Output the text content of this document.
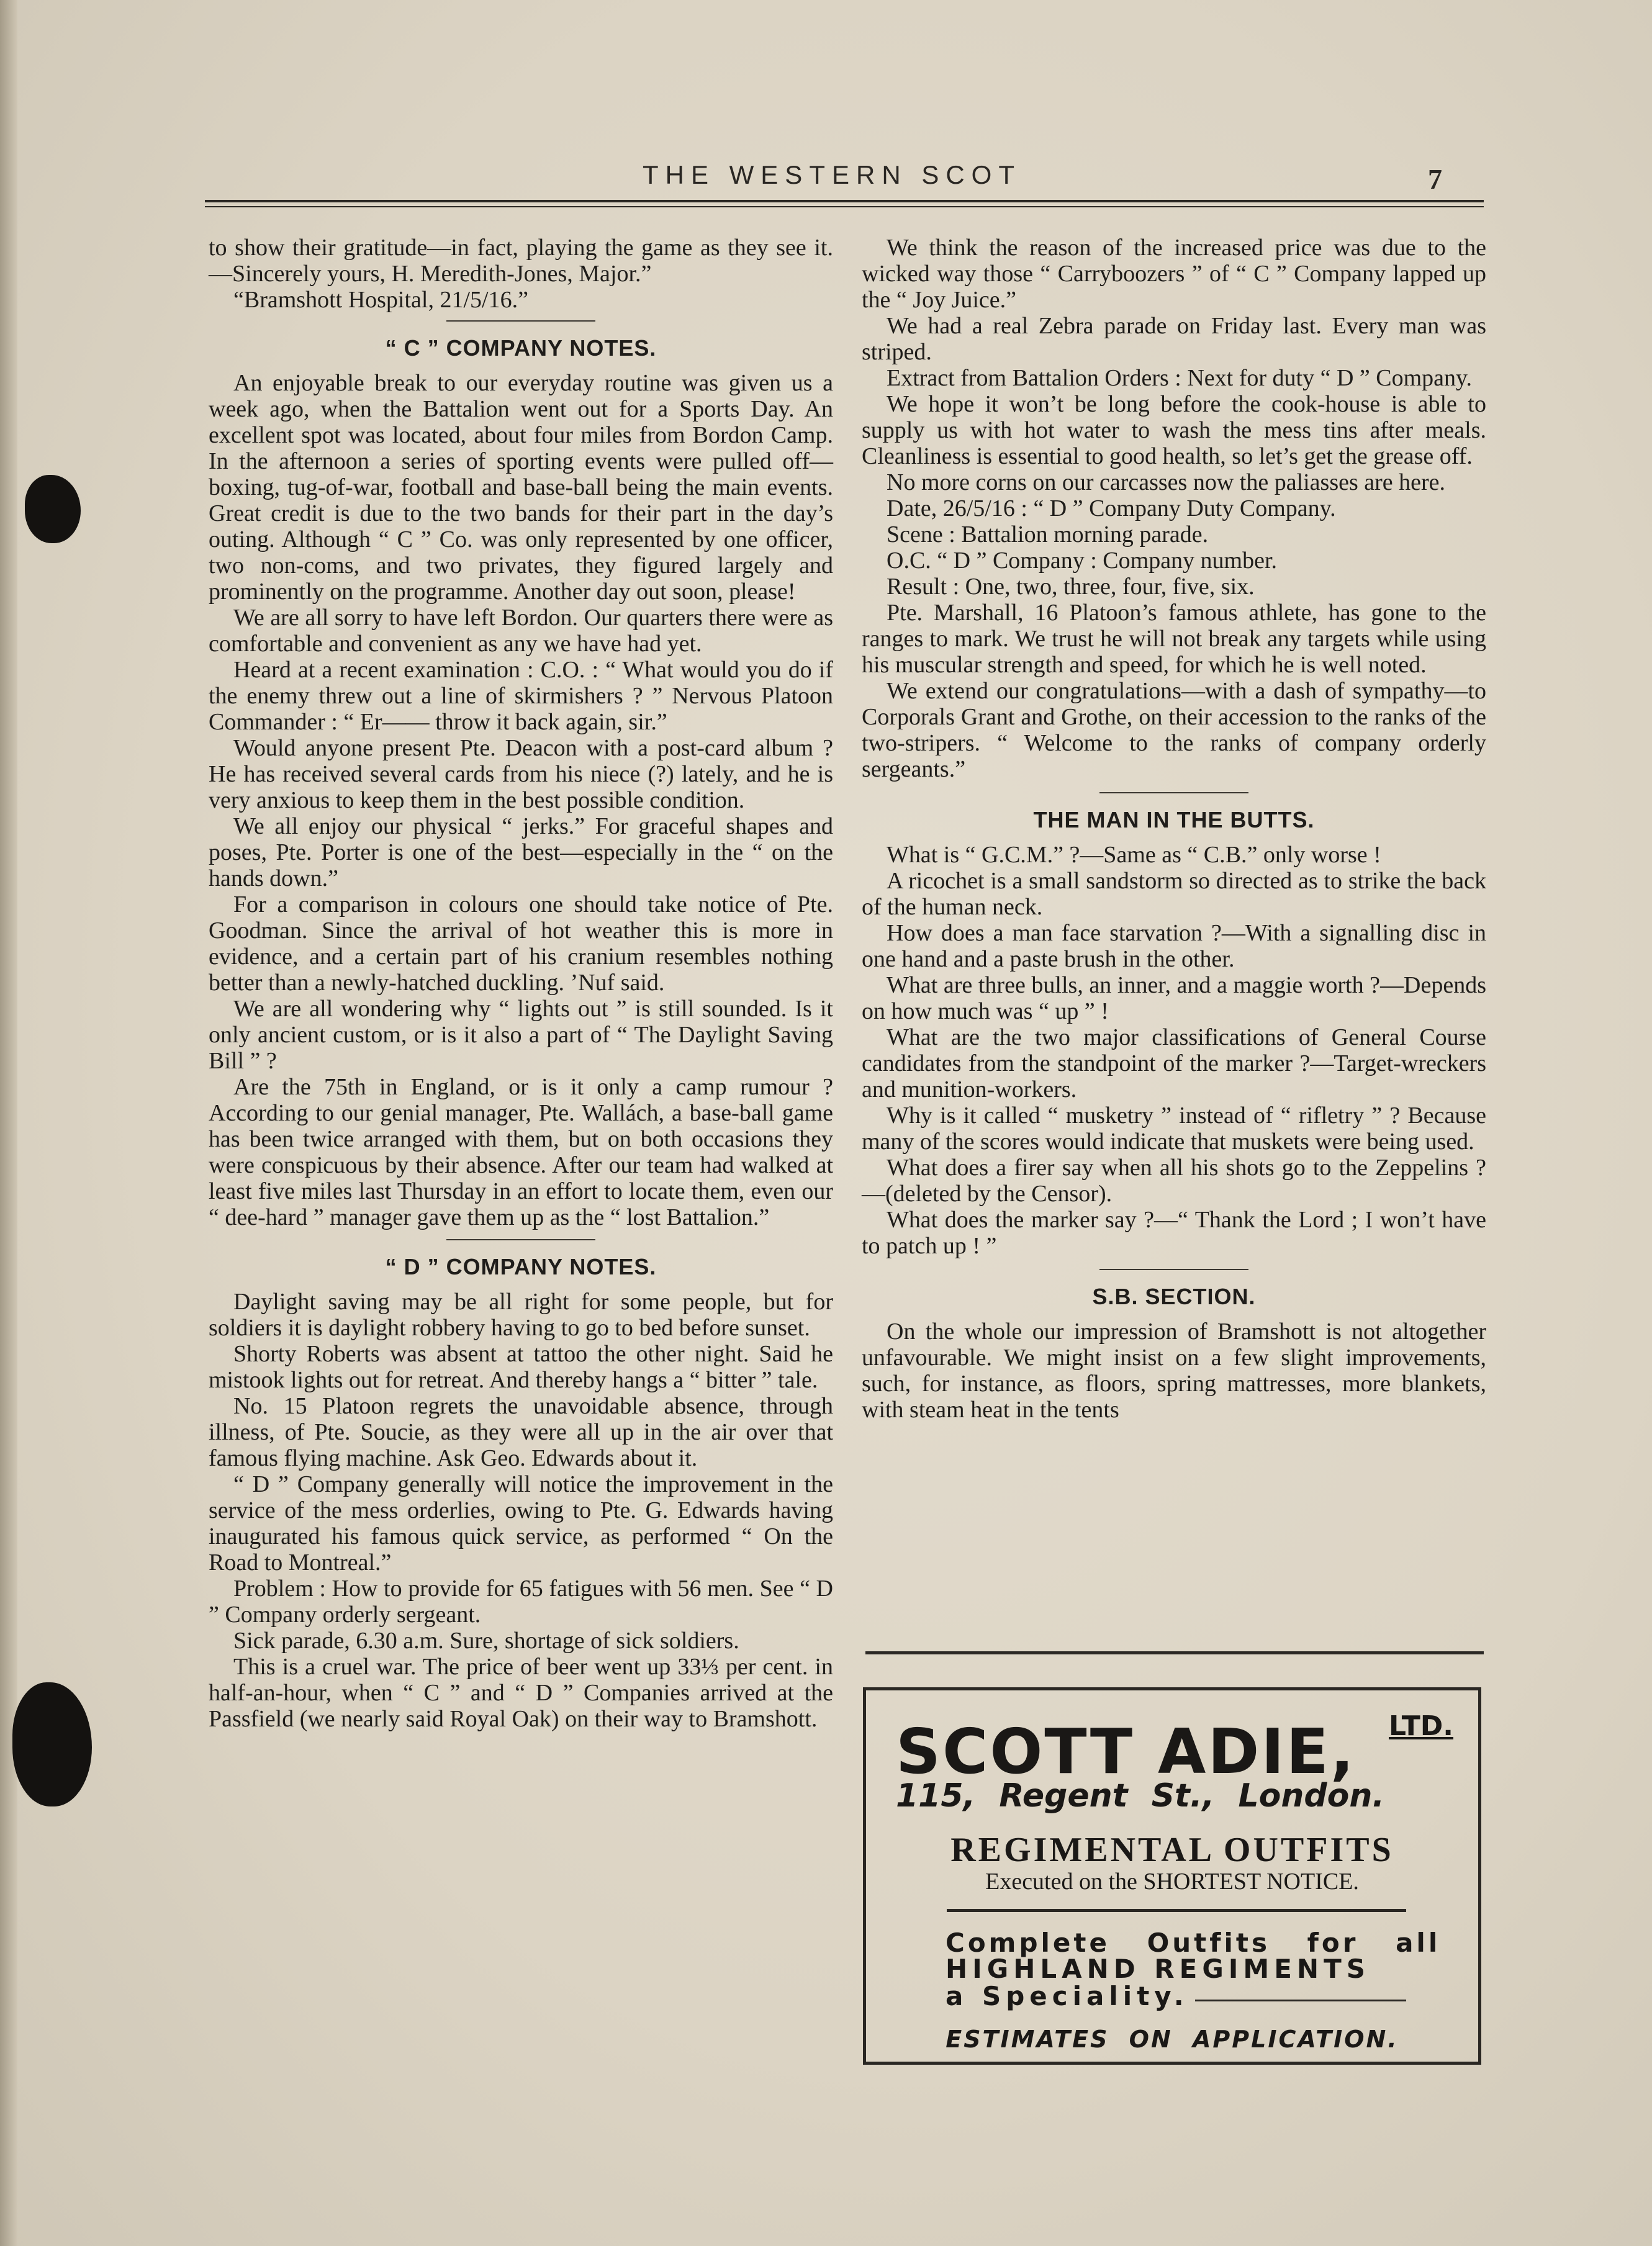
THE WESTERN SCOT	7

to show their gratitude—in fact, playing the game as they see it.—Sincerely yours, H. Meredith-Jones, Major.”

“Bramshott Hospital, 21/5/16.”

“ C ” COMPANY NOTES.

An enjoyable break to our everyday routine was given us a week ago, when the Battalion went out for a Sports Day. An excellent spot was located, about four miles from Bordon Camp. In the afternoon a series of sporting events were pulled off—boxing, tug-of-war, football and base-ball being the main events. Great credit is due to the two bands for their part in the day’s outing. Although “ C ” Co. was only represented by one officer, two non-coms, and two privates, they figured largely and prominently on the programme. Another day out soon, please!

We are all sorry to have left Bordon. Our quarters there were as comfortable and convenient as any we have had yet.

Heard at a recent examination : C.O. : “ What would you do if the enemy threw out a line of skirmishers ? ” Nervous Platoon Commander : “ Er—— throw it back again, sir.”

Would anyone present Pte. Deacon with a post-card album ? He has received several cards from his niece (?) lately, and he is very anxious to keep them in the best possible condition.

We all enjoy our physical “ jerks.” For graceful shapes and poses, Pte. Porter is one of the best—especially in the “ on the hands down.”

For a comparison in colours one should take notice of Pte. Goodman. Since the arrival of hot weather this is more in evidence, and a certain part of his cranium resembles nothing better than a newly-hatched duckling. ’Nuf said.

We are all wondering why “ lights out ” is still sounded. Is it only ancient custom, or is it also a part of “ The Daylight Saving Bill ” ?

Are the 75th in England, or is it only a camp rumour ? According to our genial manager, Pte. Wallách, a base-ball game has been twice arranged with them, but on both occasions they were conspicuous by their absence. After our team had walked at least five miles last Thursday in an effort to locate them, even our “ dee-hard ” manager gave them up as the “ lost Battalion.”

“ D ” COMPANY NOTES.

Daylight saving may be all right for some people, but for soldiers it is daylight robbery having to go to bed before sunset.

Shorty Roberts was absent at tattoo the other night. Said he mistook lights out for retreat. And thereby hangs a “ bitter ” tale.

No. 15 Platoon regrets the unavoidable absence, through illness, of Pte. Soucie, as they were all up in the air over that famous flying machine. Ask Geo. Edwards about it.

“ D ” Company generally will notice the improvement in the service of the mess orderlies, owing to Pte. G. Edwards having inaugurated his famous quick service, as performed “ On the Road to Montreal.”

Problem : How to provide for 65 fatigues with 56 men. See “ D ” Company orderly sergeant.

Sick parade, 6.30 a.m. Sure, shortage of sick soldiers.

This is a cruel war. The price of beer went up 33⅓ per cent. in half-an-hour, when “ C ” and “ D ” Companies arrived at the Passfield (we nearly said Royal Oak) on their way to Bramshott.

We think the reason of the increased price was due to the wicked way those “ Carryboozers ” of “ C ” Company lapped up the “ Joy Juice.”

We had a real Zebra parade on Friday last. Every man was striped.

Extract from Battalion Orders : Next for duty “ D ” Company.

We hope it won’t be long before the cook-house is able to supply us with hot water to wash the mess tins after meals. Cleanliness is essential to good health, so let’s get the grease off.

No more corns on our carcasses now the paliasses are here.

Date, 26/5/16 : “ D ” Company Duty Company.

Scene : Battalion morning parade.

O.C. “ D ” Company : Company number.

Result : One, two, three, four, five, six.

Pte. Marshall, 16 Platoon’s famous athlete, has gone to the ranges to mark. We trust he will not break any targets while using his muscular strength and speed, for which he is well noted.

We extend our congratulations—with a dash of sympathy—to Corporals Grant and Grothe, on their accession to the ranks of the two-stripers. “ Welcome to the ranks of company orderly sergeants.”

THE MAN IN THE BUTTS.

What is “ G.C.M.” ?—Same as “ C.B.” only worse !

A ricochet is a small sandstorm so directed as to strike the back of the human neck.

How does a man face starvation ?—With a signalling disc in one hand and a paste brush in the other.

What are three bulls, an inner, and a maggie worth ?—Depends on how much was “ up ” !

What are the two major classifications of General Course candidates from the standpoint of the marker ?—Target-wreckers and munition-workers.

Why is it called “ musketry ” instead of “ rifletry ” ? Because many of the scores would indicate that muskets were being used.

What does a firer say when all his shots go to the Zeppelins ?—(deleted by the Censor).

What does the marker say ?—“ Thank the Lord ; I won’t have to patch up ! ”

S.B. SECTION.

On the whole our impression of Bramshott is not altogether unfavourable. We might insist on a few slight improvements, such, for instance, as floors, spring mattresses, more blankets, with steam heat in the tents

SCOTT ADIE, LTD.
115, Regent St., London.
REGIMENTAL OUTFITS
Executed on the SHORTEST NOTICE.
Complete Outfits for all
HIGHLAND REGIMENTS
a Speciality.
ESTIMATES ON APPLICATION.
